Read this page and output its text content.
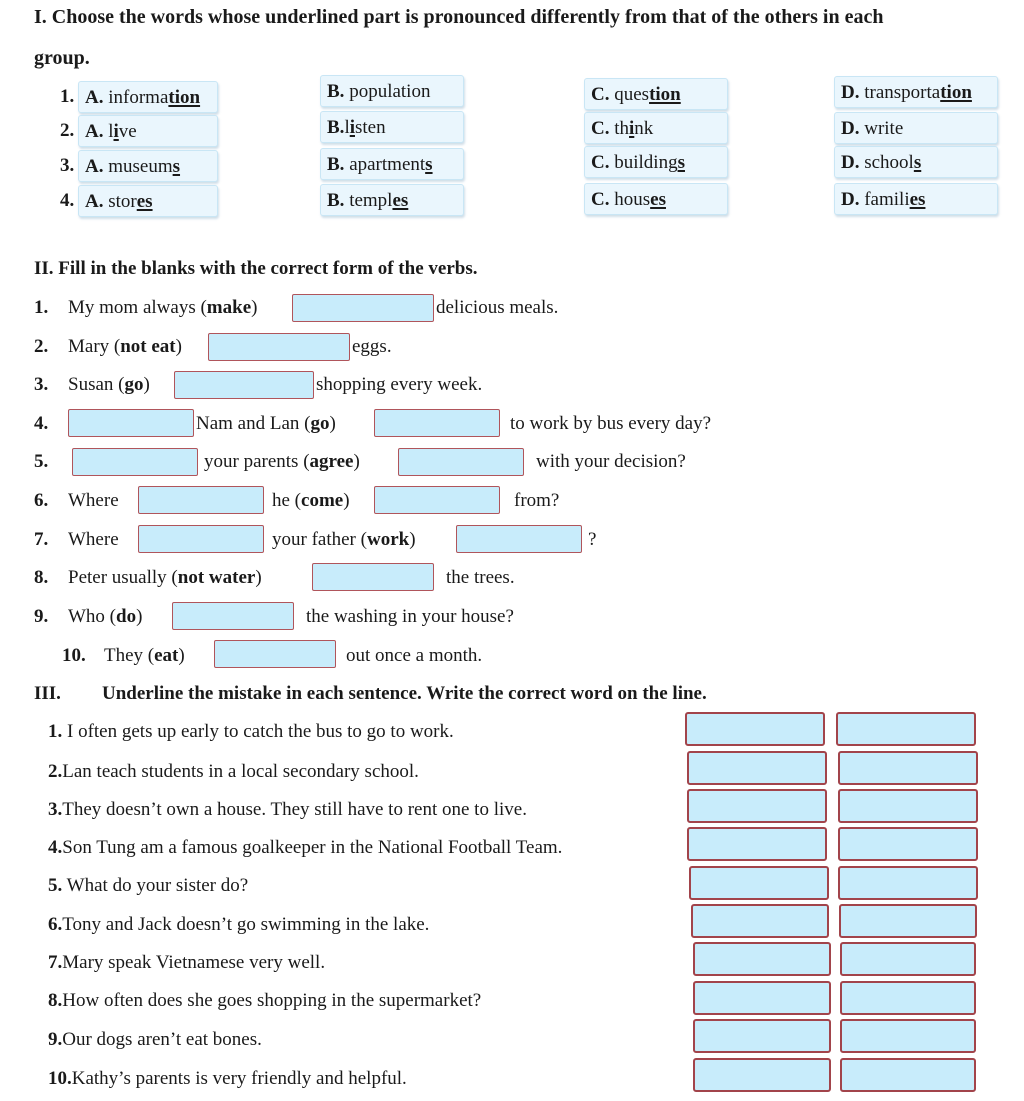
I. Choose the words whose underlined part is pronounced differently from that of the others in each
group.
1. A. information	B. population	C. question	D. transportation
2. A. live	B.listen	C. think	D. write
3. A. museums	B. apartments	C. buildings	D. schools
4. A. stores	B. temples	C. houses	D. families
II. Fill in the blanks with the correct form of the verbs.
1. My mom always (make)	delicious meals.
2. Mary (not eat)	eggs.
3. Susan (go)	shopping every week.
4.	Nam and Lan (go)	to work by bus every day?
5.	your parents (agree)	with your decision?
6. Where	he (come)	from?
7. Where	your father (work)	?
8. Peter usually (not water)	the trees.
9. Who (do)	the washing in your house?
10. They (eat)	out once a month.
III. Underline the mistake in each sentence. Write the correct word on the line.
1. I often gets up early to catch the bus to go to work.
2.Lan teach students in a local secondary school.
3.They doesn’t own a house. They still have to rent one to live.
4.Son Tung am a famous goalkeeper in the National Football Team.
5. What do your sister do?
6.Tony and Jack doesn’t go swimming in the lake.
7.Mary speak Vietnamese very well.
8.How often does she goes shopping in the supermarket?
9.Our dogs aren’t eat bones.
10.Kathy’s parents is very friendly and helpful.
